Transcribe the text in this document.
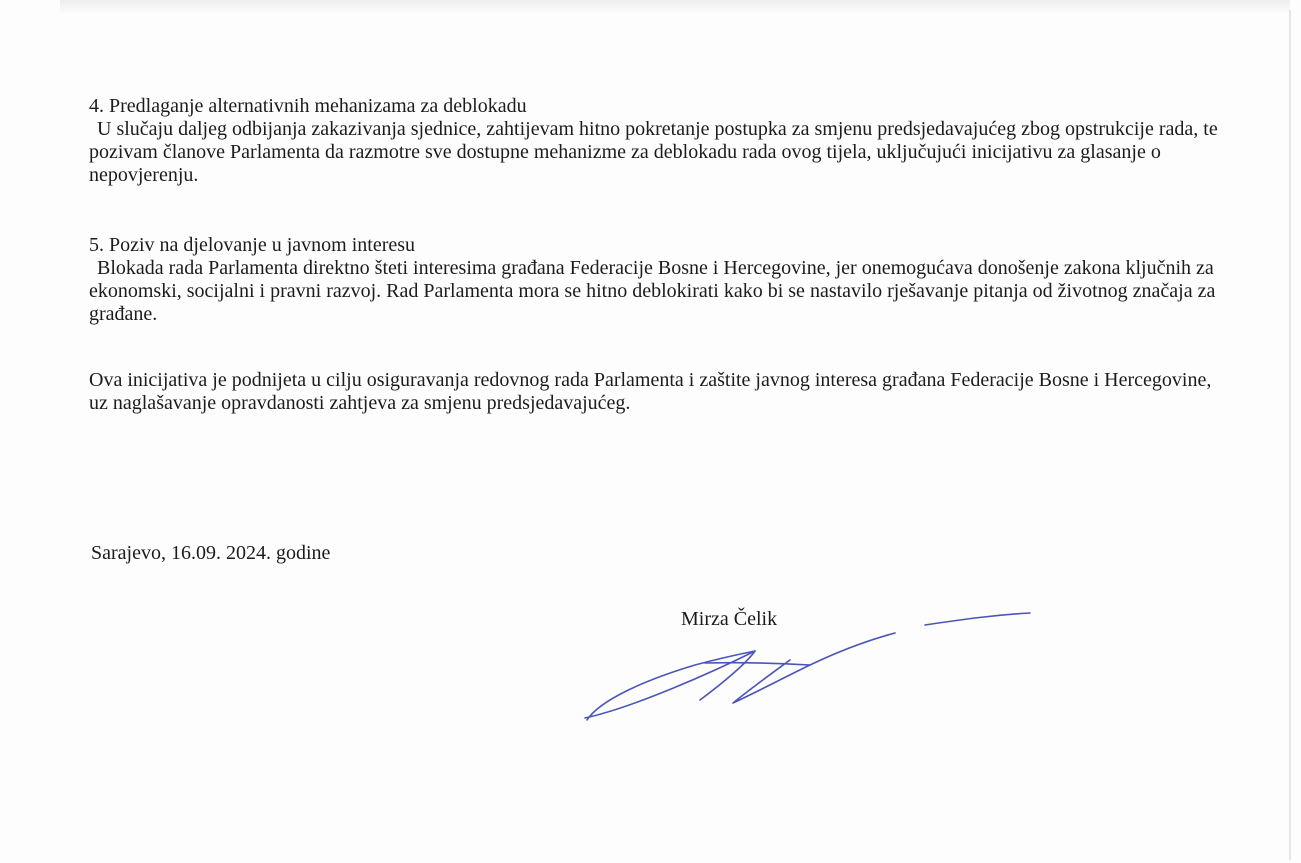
4. Predlaganje alternativnih mehanizama za deblokadu
U slučaju daljeg odbijanja zakazivanja sjednice, zahtijevam hitno pokretanje postupka za smjenu predsjedavajućeg zbog opstrukcije rada, te pozivam članove Parlamenta da razmotre sve dostupne mehanizme za deblokadu rada ovog tijela, uključujući inicijativu za glasanje o nepovjerenju.
5. Poziv na djelovanje u javnom interesu
Blokada rada Parlamenta direktno šteti interesima građana Federacije Bosne i Hercegovine, jer onemogućava donošenje zakona ključnih za ekonomski, socijalni i pravni razvoj. Rad Parlamenta mora se hitno deblokirati kako bi se nastavilo rješavanje pitanja od životnog značaja za građane.
Ova inicijativa je podnijeta u cilju osiguravanja redovnog rada Parlamenta i zaštite javnog interesa građana Federacije Bosne i Hercegovine, uz naglašavanje opravdanosti zahtjeva za smjenu predsjedavajućeg.
Sarajevo, 16.09. 2024. godine
Mirza Čelik
